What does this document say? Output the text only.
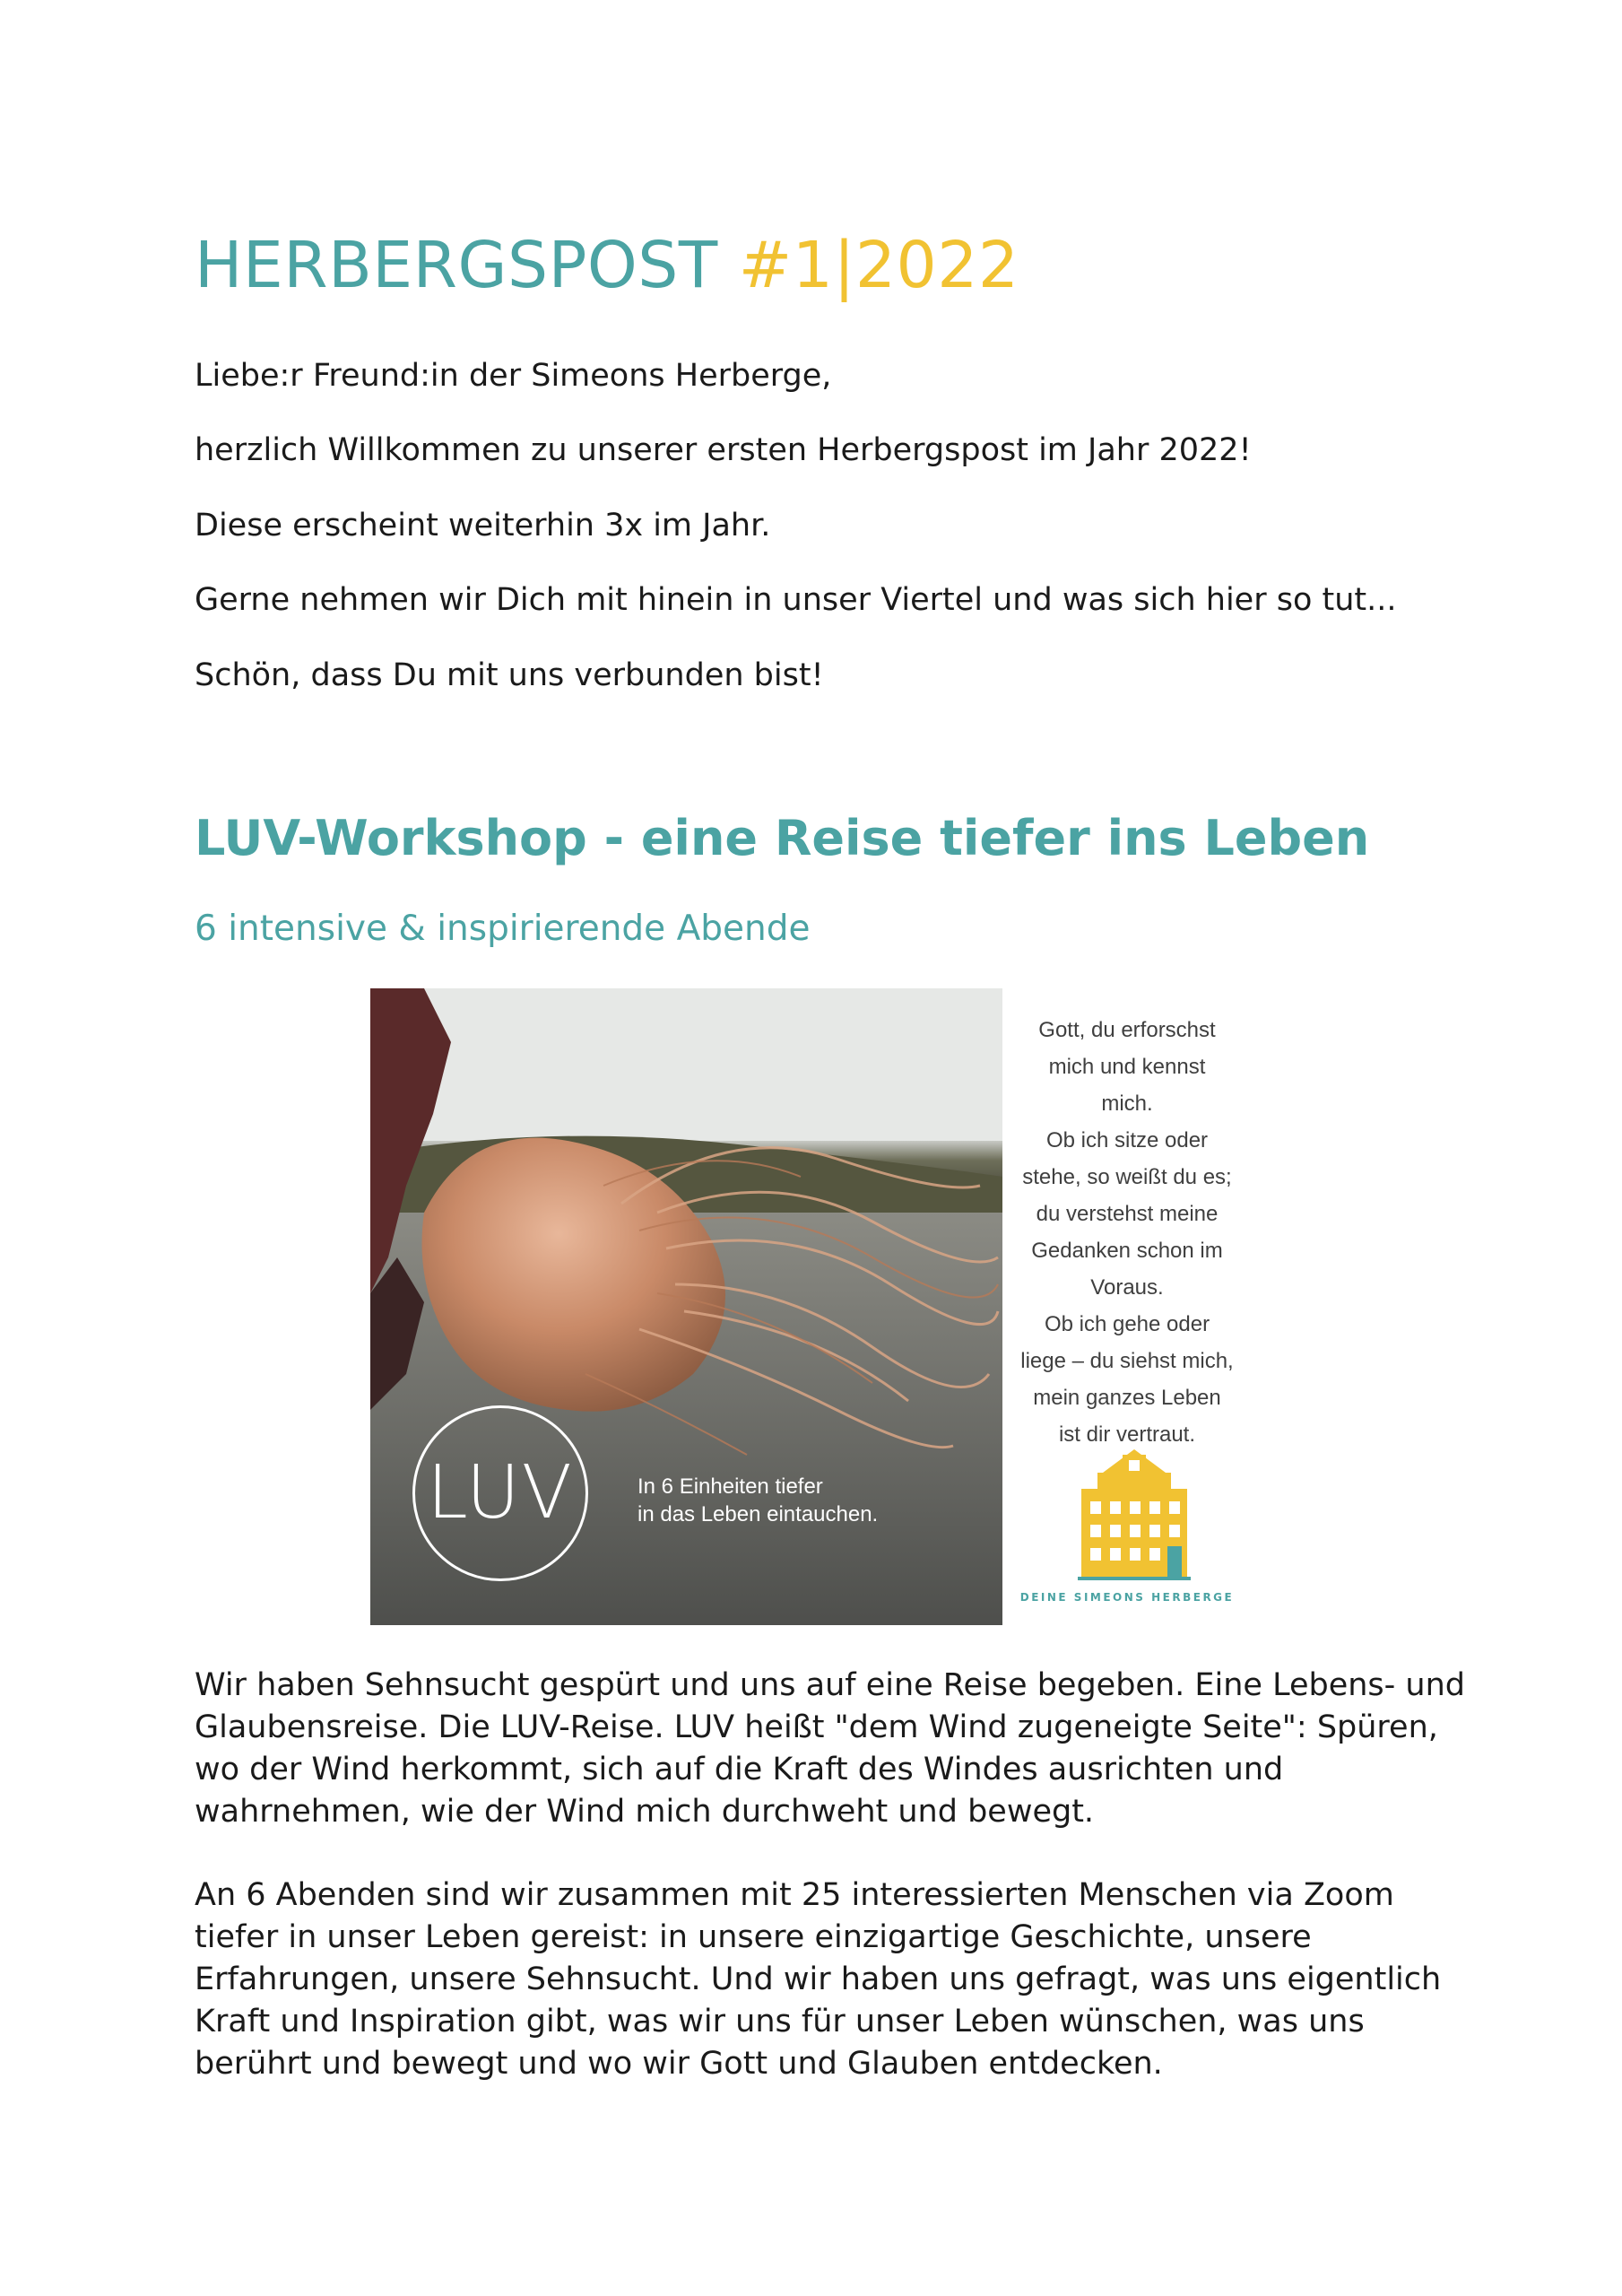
HERBERGSPOST #1|2022

Liebe:r Freund:in der Simeons Herberge,

herzlich Willkommen zu unserer ersten Herbergspost im Jahr 2022!

Diese erscheint weiterhin 3x im Jahr.

Gerne nehmen wir Dich mit hinein in unser Viertel und was sich hier so tut...

Schön, dass Du mit uns verbunden bist!

LUV-Workshop - eine Reise tiefer ins Leben
6 intensive & inspirierende Abende
LUV	In 6 Einheiten tiefer
in das Leben eintauchen.
Gott, du erforschst
mich und kennst
mich.
Ob ich sitze oder
stehe, so weißt du es;
du verstehst meine
Gedanken schon im
Voraus.
Ob ich gehe oder
liege – du siehst mich,
mein ganzes Leben
ist dir vertraut.
DEINE SIMEONS HERBERGE
Wir haben Sehnsucht gespürt und uns auf eine Reise begeben. Eine Lebens- und
Glaubensreise. Die LUV-Reise. LUV heißt "dem Wind zugeneigte Seite": Spüren,
wo der Wind herkommt, sich auf die Kraft des Windes ausrichten und
wahrnehmen, wie der Wind mich durchweht und bewegt.
An 6 Abenden sind wir zusammen mit 25 interessierten Menschen via Zoom
tiefer in unser Leben gereist: in unsere einzigartige Geschichte, unsere
Erfahrungen, unsere Sehnsucht. Und wir haben uns gefragt, was uns eigentlich
Kraft und Inspiration gibt, was wir uns für unser Leben wünschen, was uns
berührt und bewegt und wo wir Gott und Glauben entdecken.
